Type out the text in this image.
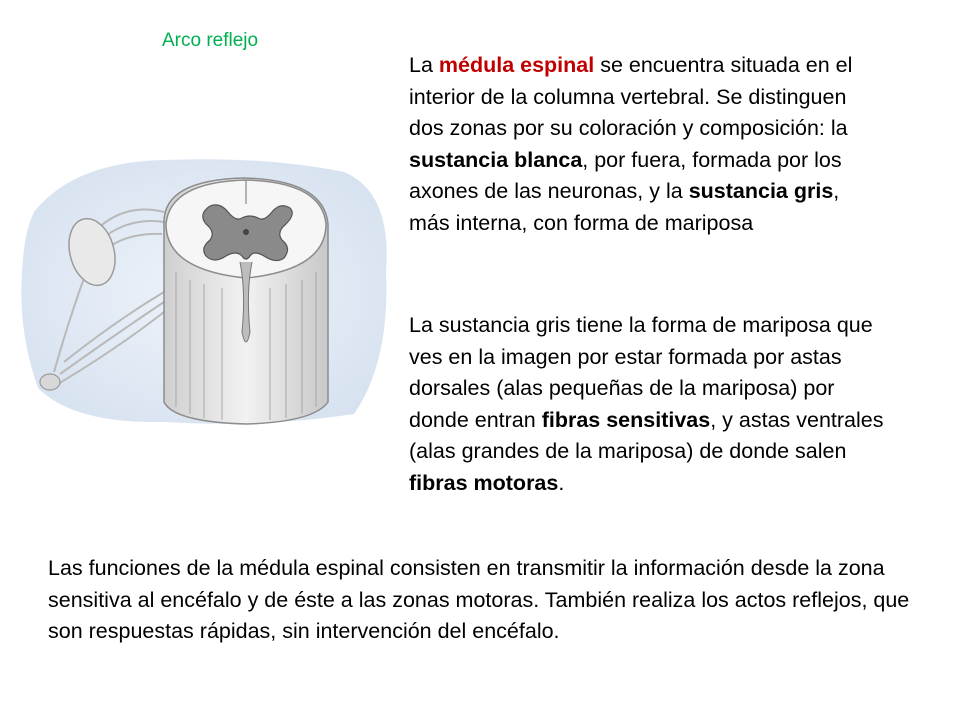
Arco reflejo

La médula espinal se encuentra situada en el interior de la columna vertebral. Se distinguen dos zonas por su coloración y composición: la sustancia blanca, por fuera, formada por los axones de las neuronas, y la sustancia gris, más interna, con forma de mariposa

La sustancia gris tiene la forma de mariposa que ves en la imagen por estar formada por astas dorsales (alas pequeñas de la mariposa) por donde entran fibras sensitivas, y astas ventrales (alas grandes de la mariposa) de donde salen fibras motoras.

Las funciones de la médula espinal consisten en transmitir la información desde la zona sensitiva al encéfalo y de éste a las zonas motoras. También realiza los actos reflejos, que son respuestas rápidas, sin intervención del encéfalo.
